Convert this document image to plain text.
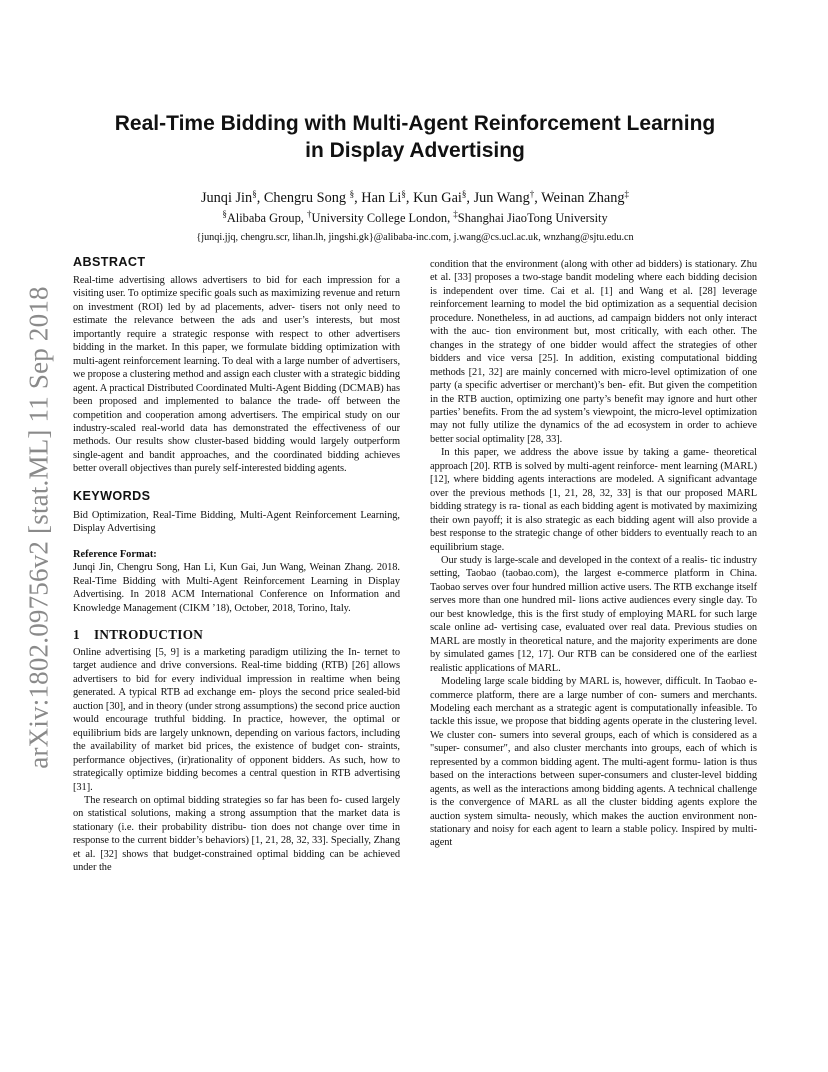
arXiv:1802.09756v2 [stat.ML] 11 Sep 2018
Real-Time Bidding with Multi-Agent Reinforcement Learning
in Display Advertising
Junqi Jin§, Chengru Song §, Han Li§, Kun Gai§, Jun Wang†, Weinan Zhang‡
§Alibaba Group, †University College London, ‡Shanghai JiaoTong University
{junqi.jjq, chengru.scr, lihan.lh, jingshi.gk}@alibaba-inc.com, j.wang@cs.ucl.ac.uk, wnzhang@sjtu.edu.cn
ABSTRACT
Real-time advertising allows advertisers to bid for each impression for a visiting user. To optimize specific goals such as maximizing revenue and return on investment (ROI) led by ad placements, adver- tisers not only need to estimate the relevance between the ads and user’s interests, but most importantly require a strategic response with respect to other advertisers bidding in the market. In this paper, we formulate bidding optimization with multi-agent reinforcement learning. To deal with a large number of advertisers, we propose a clustering method and assign each cluster with a strategic bidding agent. A practical Distributed Coordinated Multi-Agent Bidding (DCMAB) has been proposed and implemented to balance the trade- off between the competition and cooperation among advertisers. The empirical study on our industry-scaled real-world data has demonstrated the effectiveness of our methods. Our results show cluster-based bidding would largely outperform single-agent and bandit approaches, and the coordinated bidding achieves better overall objectives than purely self-interested bidding agents.
KEYWORDS
Bid Optimization, Real-Time Bidding, Multi-Agent Reinforcement Learning, Display Advertising
Reference Format:
Junqi Jin, Chengru Song, Han Li, Kun Gai, Jun Wang, Weinan Zhang. 2018. Real-Time Bidding with Multi-Agent Reinforcement Learning in Display Advertising. In 2018 ACM International Conference on Information and Knowledge Management (CIKM ’18), October, 2018, Torino, Italy.
1 INTRODUCTION
Online advertising [5, 9] is a marketing paradigm utilizing the In- ternet to target audience and drive conversions. Real-time bidding (RTB) [26] allows advertisers to bid for every individual impression in realtime when being generated. A typical RTB ad exchange em- ploys the second price sealed-bid auction [30], and in theory (under strong assumptions) the second price auction would encourage truthful bidding. In practice, however, the optimal or equilibrium bids are largely unknown, depending on various factors, including the availability of market bid prices, the existence of budget con- straints, performance objectives, (ir)rationality of opponent bidders. As such, how to strategically optimize bidding becomes a central question in RTB advertising [31].
The research on optimal bidding strategies so far has been fo- cused largely on statistical solutions, making a strong assumption that the market data is stationary (i.e. their probability distribu- tion does not change over time in response to the current bidder’s behaviors) [1, 21, 28, 32, 33]. Specially, Zhang et al. [32] shows that budget-constrained optimal bidding can be achieved under the
condition that the environment (along with other ad bidders) is stationary. Zhu et al. [33] proposes a two-stage bandit modeling where each bidding decision is independent over time. Cai et al. [1] and Wang et al. [28] leverage reinforcement learning to model the bid optimization as a sequential decision procedure. Nonetheless, in ad auctions, ad campaign bidders not only interact with the auc- tion environment but, most critically, with each other. The changes in the strategy of one bidder would affect the strategies of other bidders and vice versa [25]. In addition, existing computational bidding methods [21, 32] are mainly concerned with micro-level optimization of one party (a specific advertiser or merchant)’s ben- efit. But given the competition in the RTB auction, optimizing one party’s benefit may ignore and hurt other parties’ benefits. From the ad system’s viewpoint, the micro-level optimization may not fully utilize the dynamics of the ad ecosystem in order to achieve better social optimality [28, 33].
In this paper, we address the above issue by taking a game- theoretical approach [20]. RTB is solved by multi-agent reinforce- ment learning (MARL) [12], where bidding agents interactions are modeled. A significant advantage over the previous methods [1, 21, 28, 32, 33] is that our proposed MARL bidding strategy is ra- tional as each bidding agent is motivated by maximizing their own payoff; it is also strategic as each bidding agent will also provide a best response to the strategic change of other bidders to eventually reach to an equilibrium stage.
Our study is large-scale and developed in the context of a realis- tic industry setting, Taobao (taobao.com), the largest e-commerce platform in China. Taobao serves over four hundred million active users. The RTB exchange itself serves more than one hundred mil- lions active audiences every single day. To our best knowledge, this is the first study of employing MARL for such large scale online ad- vertising case, evaluated over real data. Previous studies on MARL are mostly in theoretical nature, and the majority experiments are done by simulated games [12, 17]. Our RTB can be considered one of the earliest realistic applications of MARL.
Modeling large scale bidding by MARL is, however, difficult. In Taobao e-commerce platform, there are a large number of con- sumers and merchants. Modeling each merchant as a strategic agent is computationally infeasible. To tackle this issue, we propose that bidding agents operate in the clustering level. We cluster con- sumers into several groups, each of which is considered as a "super- consumer", and also cluster merchants into groups, each of which is represented by a common bidding agent. The multi-agent formu- lation is thus based on the interactions between super-consumers and cluster-level bidding agents, as well as the interactions among bidding agents. A technical challenge is the convergence of MARL as all the cluster bidding agents explore the auction system simulta- neously, which makes the auction environment non-stationary and noisy for each agent to learn a stable policy. Inspired by multi-agent
